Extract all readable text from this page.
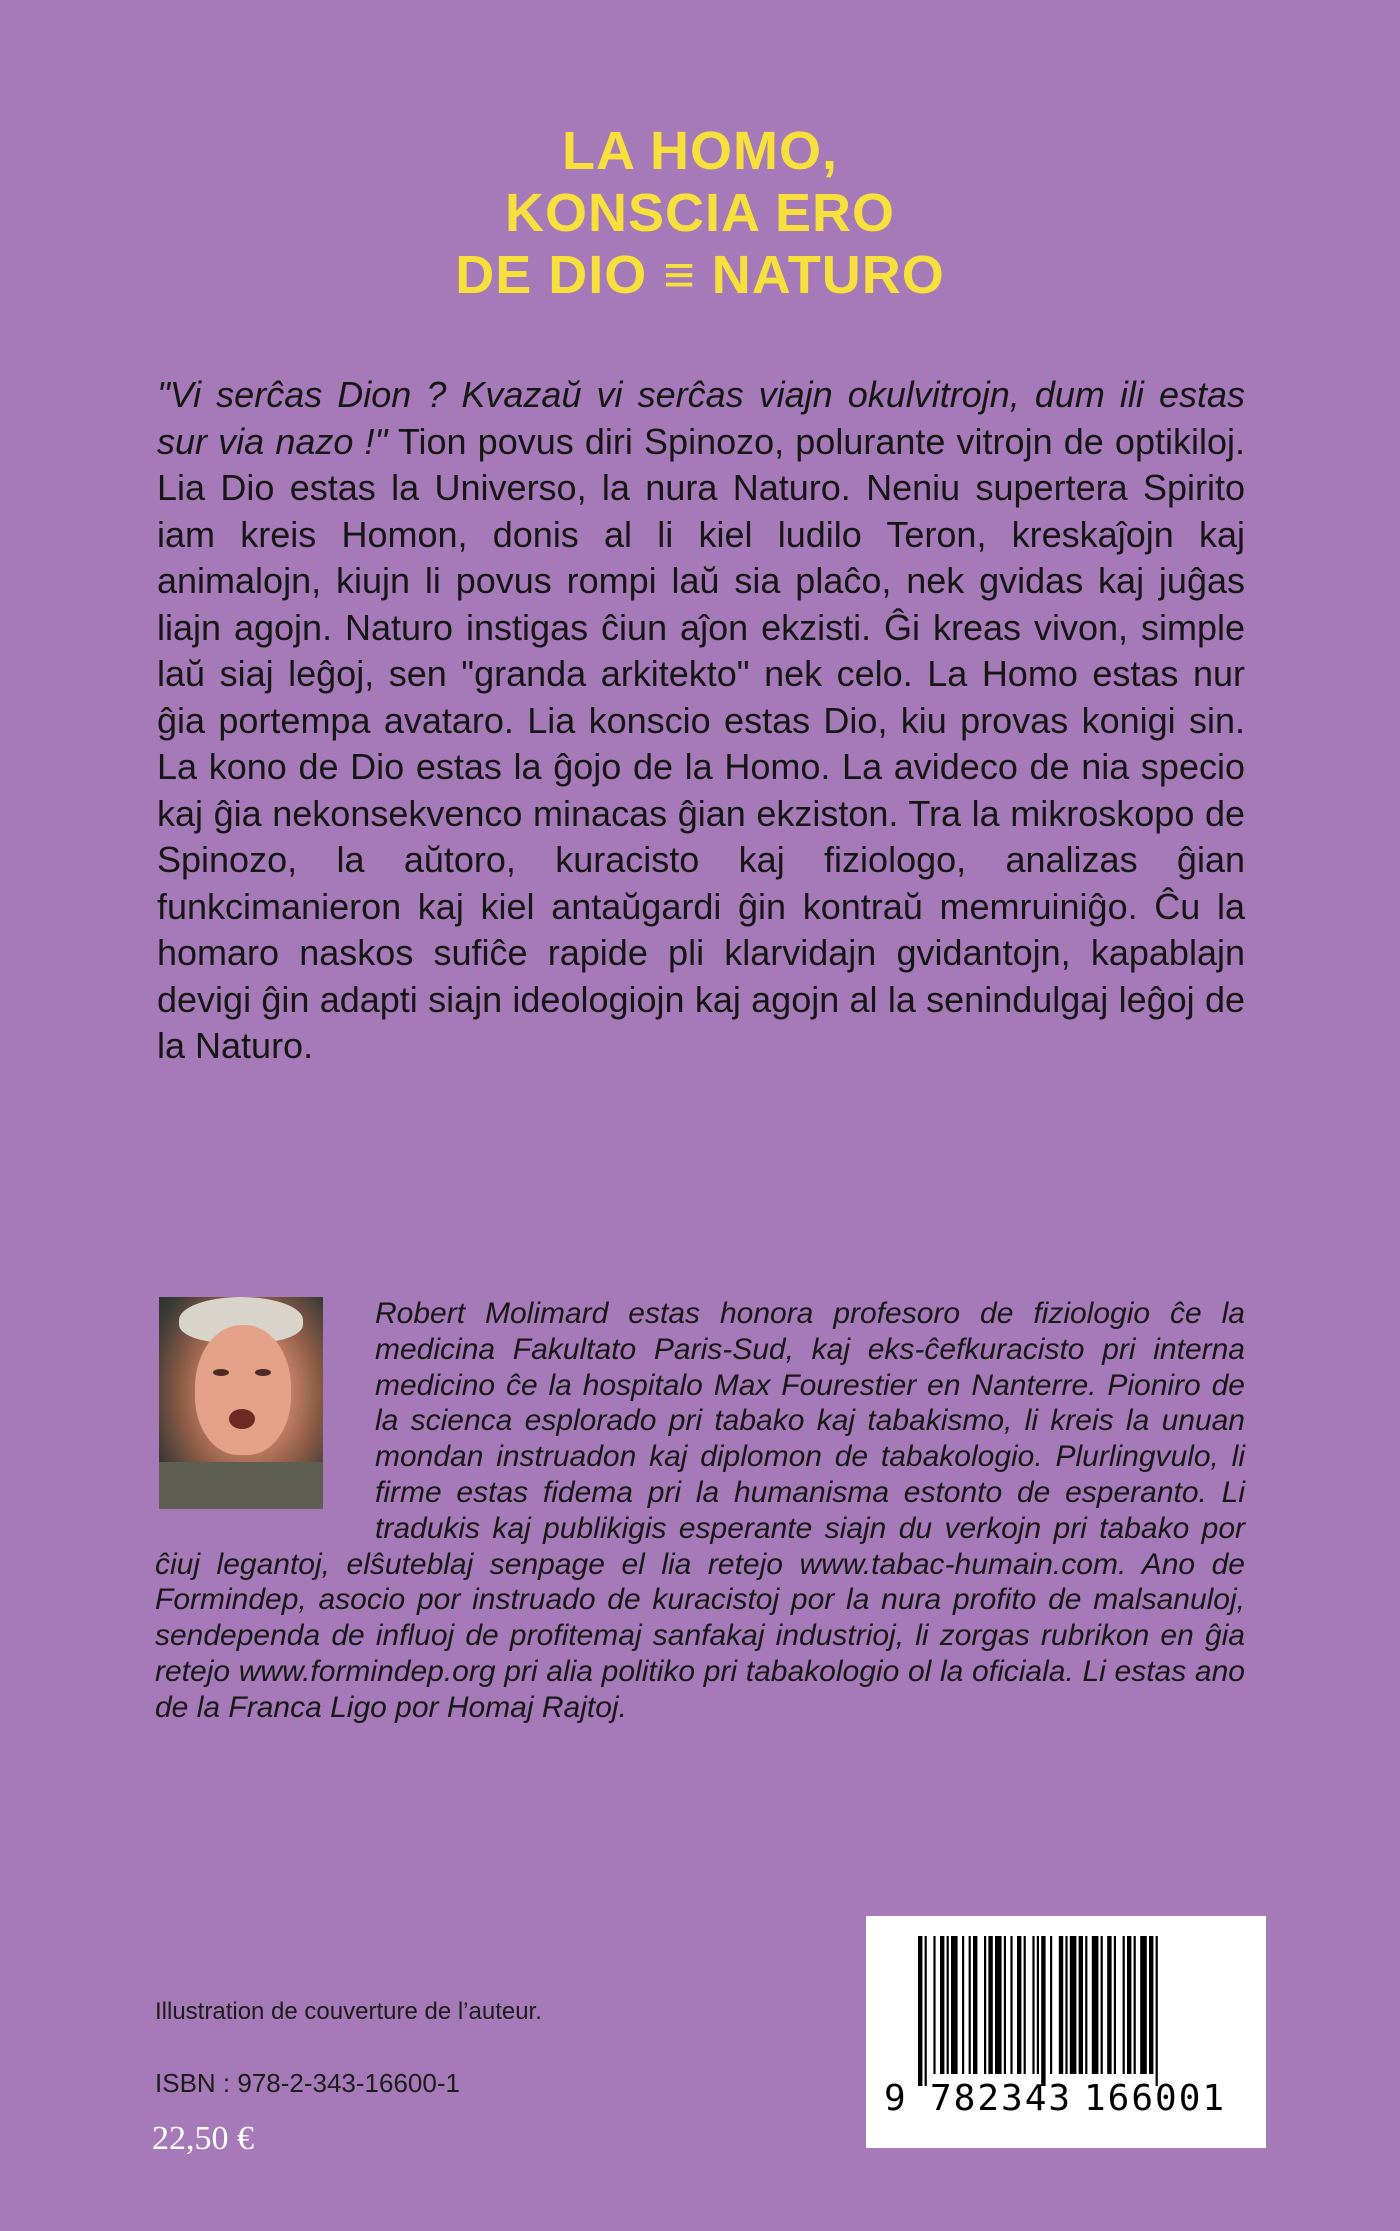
LA HOMO,
KONSCIA ERO
DE DIO ≡ NATURO
"Vi serĉas Dion ? Kvazaŭ vi serĉas viajn okulvitrojn, dum ili estas sur via nazo !" Tion povus diri Spinozo, polurante vitrojn de optikiloj. Lia Dio estas la Universo, la nura Naturo. Neniu supertera Spirito iam kreis Homon, donis al li kiel ludilo Teron, kreskaĵojn kaj animalojn, kiujn li povus rompi laŭ sia plaĉo, nek gvidas kaj juĝas liajn agojn. Naturo instigas ĉiun aĵon ekzisti. Ĝi kreas vivon, simple laŭ siaj leĝoj, sen "granda arkitekto" nek celo. La Homo estas nur ĝia portempa avataro. Lia konscio estas Dio, kiu provas konigi sin. La kono de Dio estas la ĝojo de la Homo. La avideco de nia specio kaj ĝia nekonsekvenco minacas ĝian ekziston. Tra la mikroskopo de Spinozo, la aŭtoro, kuracisto kaj fiziologo, analizas ĝian funkcimanieron kaj kiel antaŭgardi ĝin kontraŭ memruiniĝo. Ĉu la homaro naskos sufiĉe rapide pli klarvidajn gvidantojn, kapablajn devigi ĝin adapti siajn ideologiojn kaj agojn al la senindulgaj leĝoj de la Naturo.
Robert Molimard estas honora profesoro de fiziologio ĉe la medicina Fakultato Paris-Sud, kaj eks-ĉefkuracisto pri interna medicino ĉe la hospitalo Max Fourestier en Nanterre. Pioniro de la scienca esplorado pri tabako kaj tabakismo, li kreis la unuan mondan instruadon kaj diplomon de tabakologio. Plurlingvulo, li firme estas fidema pri la humanisma estonto de esperanto. Li tradukis kaj publikigis esperante siajn du verkojn pri tabako por ĉiuj legantoj, elŝuteblaj senpage el lia retejo www.tabac-humain.com. Ano de Formindep, asocio por instruado de kuracistoj por la nura profito de malsanuloj, sendependa de influoj de profitemaj sanfakaj industrioj, li zorgas rubrikon en ĝia retejo www.formindep.org pri alia politiko pri tabakologio ol la oficiala. Li estas ano de la Franca Ligo por Homaj Rajtoj.
9 782343 166001
Illustration de couverture de l’auteur.
ISBN : 978-2-343-16600-1
22,50 €
